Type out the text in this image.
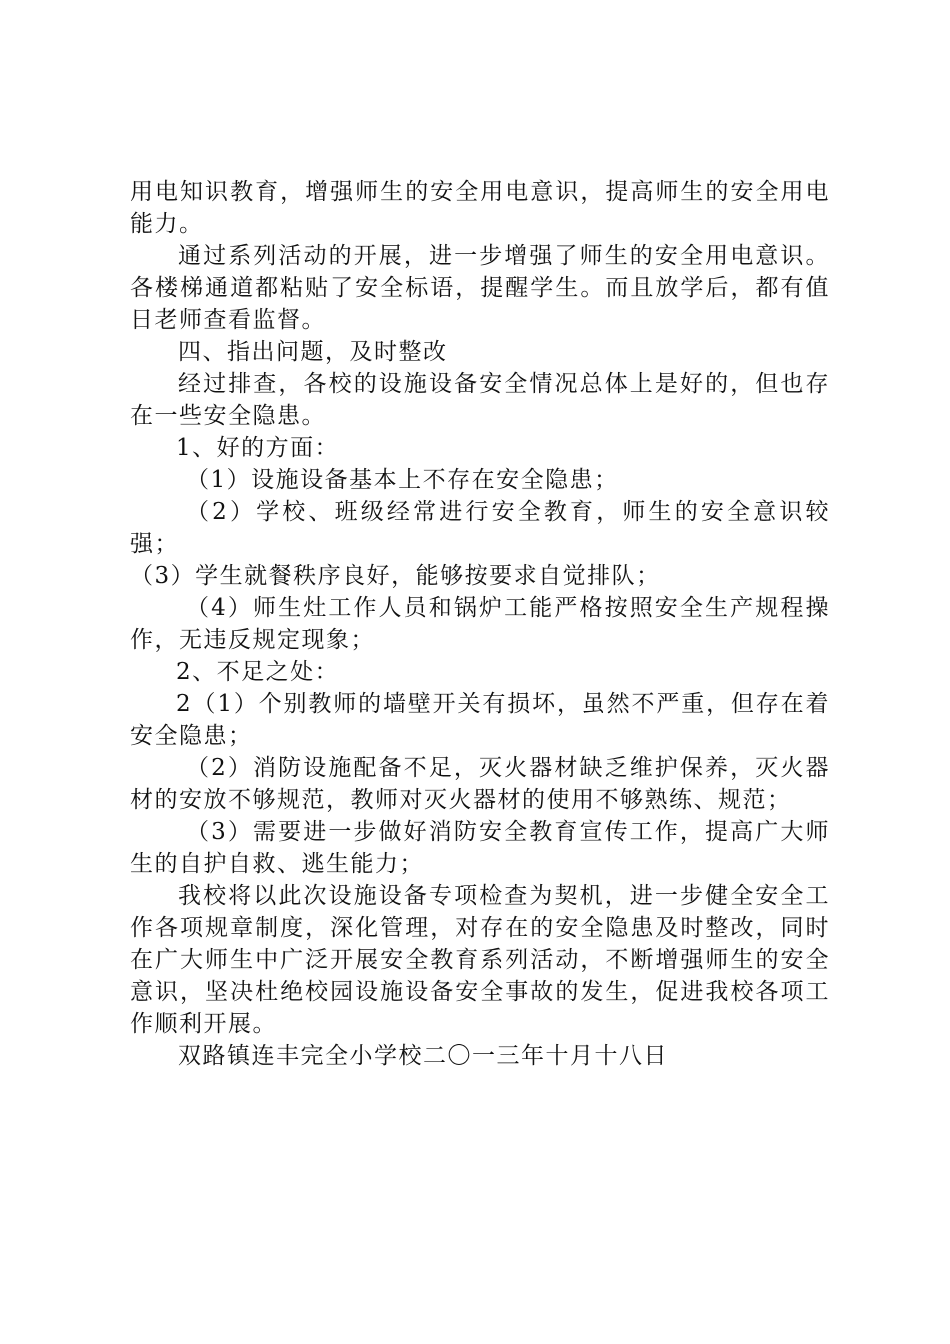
用电知识教育，增强师生的安全用电意识，提高师生的安全用电能力。

通过系列活动的开展，进一步增强了师生的安全用电意识。各楼梯通道都粘贴了安全标语，提醒学生。而且放学后，都有值日老师查看监督。

四、指出问题，及时整改

经过排查，各校的设施设备安全情况总体上是好的，但也存在一些安全隐患。

1、好的方面：

（1）设施设备基本上不存在安全隐患；

（2）学校、班级经常进行安全教育，师生的安全意识较强；

（3）学生就餐秩序良好，能够按要求自觉排队；

（4）师生灶工作人员和锅炉工能严格按照安全生产规程操作，无违反规定现象；

2、不足之处：

2（1）个别教师的墙壁开关有损坏，虽然不严重，但存在着安全隐患；

（2）消防设施配备不足，灭火器材缺乏维护保养，灭火器材的安放不够规范，教师对灭火器材的使用不够熟练、规范；

（3）需要进一步做好消防安全教育宣传工作，提高广大师生的自护自救、逃生能力；

我校将以此次设施设备专项检查为契机，进一步健全安全工作各项规章制度，深化管理，对存在的安全隐患及时整改，同时在广大师生中广泛开展安全教育系列活动，不断增强师生的安全意识，坚决杜绝校园设施设备安全事故的发生，促进我校各项工作顺利开展。

双路镇连丰完全小学校二〇一三年十月十八日
